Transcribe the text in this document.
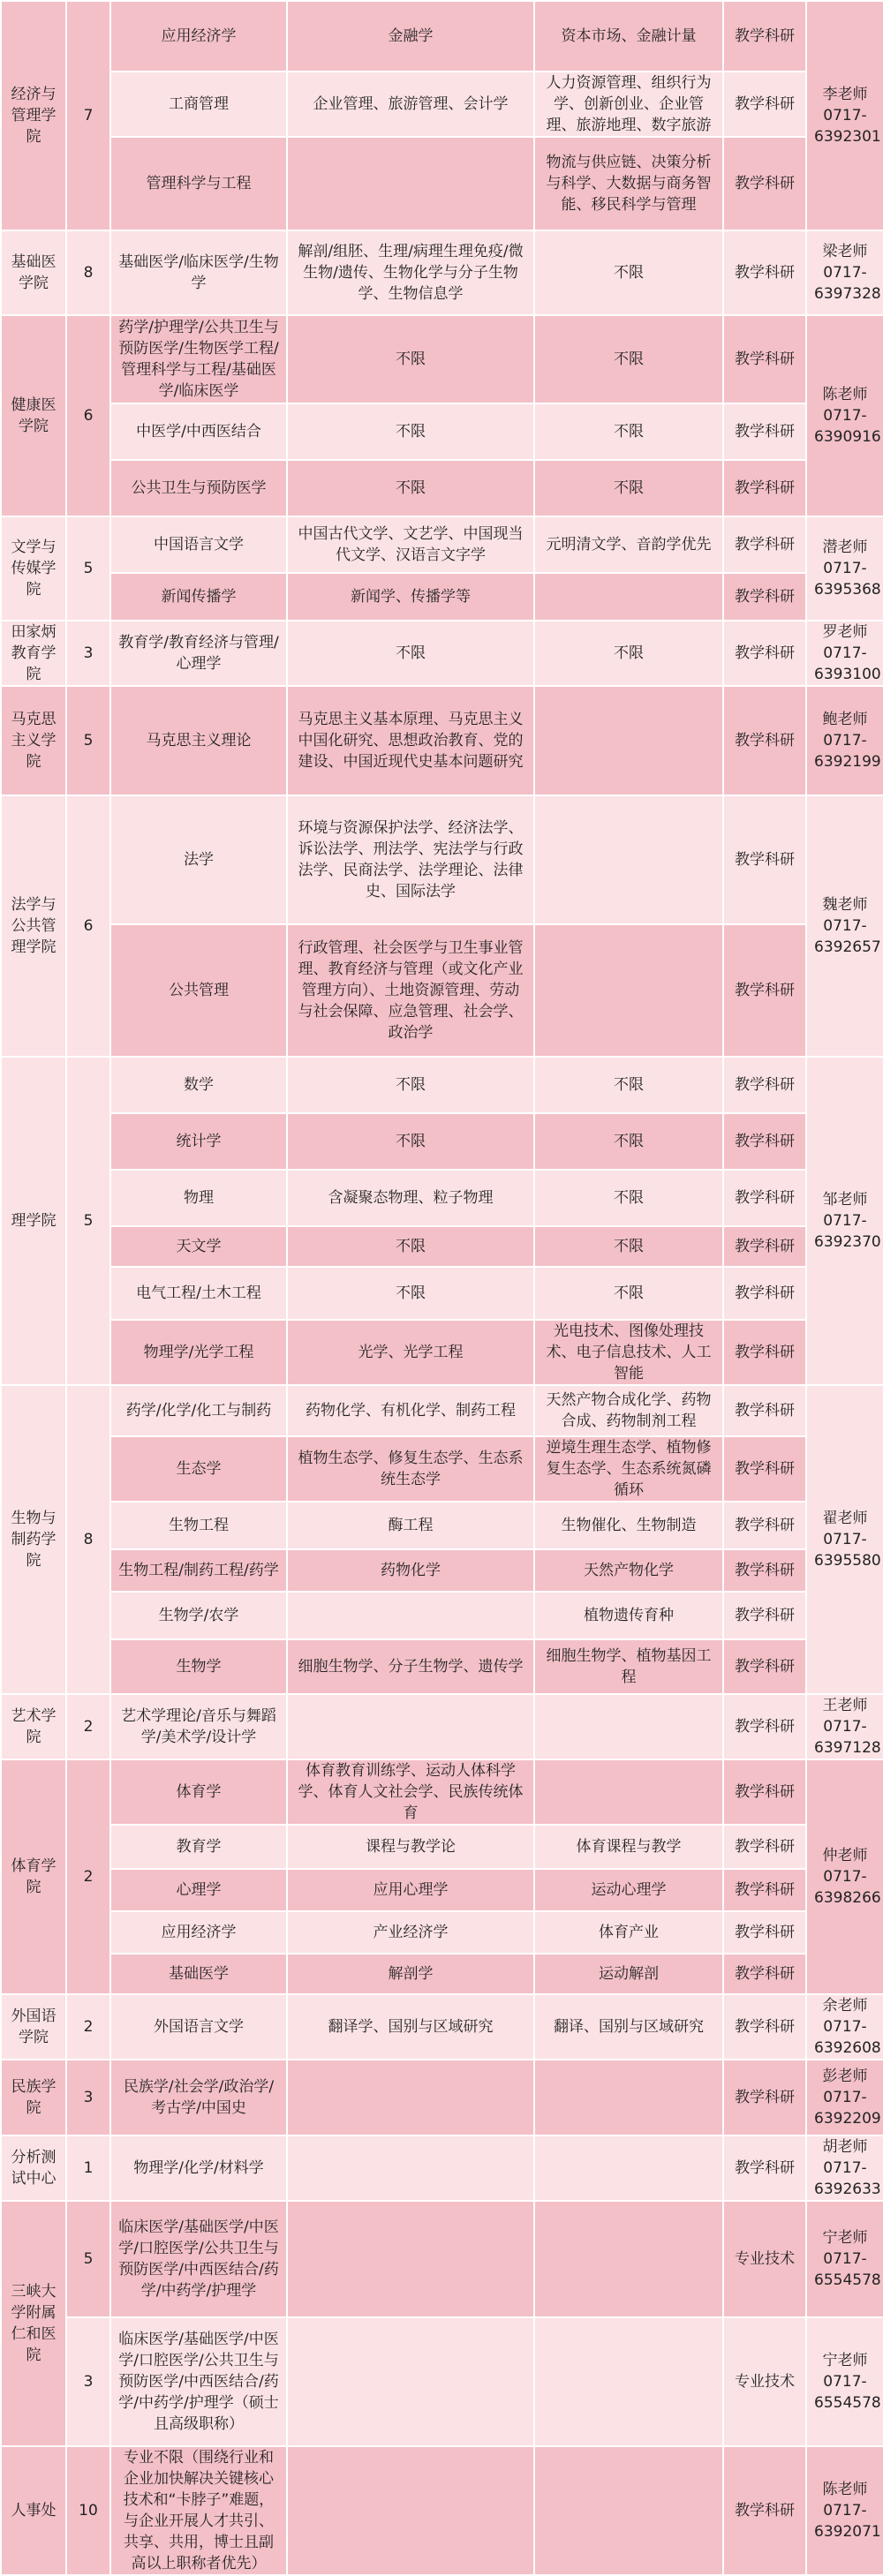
经济与管理学院	7	应用经济学	金融学	资本市场、金融计量	教学科研	李老师 0717-6392301
		工商管理	企业管理、旅游管理、会计学	人力资源管理、组织行为学、创新创业、企业管理、旅游地理、数字旅游	教学科研	
		管理科学与工程		物流与供应链、决策分析与科学、大数据与商务智能、移民科学与管理	教学科研	
基础医学院	8	基础医学/临床医学/生物学	解剖/组胚、生理/病理生理免疫/微生物/遗传、生物化学与分子生物学、生物信息学	不限	教学科研	梁老师 0717-6397328
健康医学院	6	药学/护理学/公共卫生与预防医学/生物医学工程/管理科学与工程/基础医学/临床医学	不限	不限	教学科研	陈老师 0717-6390916
		中医学/中西医结合	不限	不限	教学科研	
		公共卫生与预防医学	不限	不限	教学科研	
文学与传媒学院	5	中国语言文学	中国古代文学、文艺学、中国现当代文学、汉语言文字学	元明清文学、音韵学优先	教学科研	潜老师 0717-6395368
		新闻传播学	新闻学、传播学等		教学科研	
田家炳教育学院	3	教育学/教育经济与管理/心理学	不限	不限	教学科研	罗老师 0717-6393100
马克思主义学院	5	马克思主义理论	马克思主义基本原理、马克思主义中国化研究、思想政治教育、党的建设、中国近现代史基本问题研究		教学科研	鲍老师 0717-6392199
法学与公共管理学院	6	法学	环境与资源保护法学、经济法学、诉讼法学、刑法学、宪法学与行政法学、民商法学、法学理论、法律史、国际法学		教学科研	魏老师 0717-6392657
		公共管理	行政管理、社会医学与卫生事业管理、教育经济与管理（或文化产业管理方向）、土地资源管理、劳动与社会保障、应急管理、社会学、政治学		教学科研	
理学院	5	数学	不限	不限	教学科研	邹老师 0717-6392370
		统计学	不限	不限	教学科研	
		物理	含凝聚态物理、粒子物理	不限	教学科研	
		天文学	不限	不限	教学科研	
		电气工程/土木工程	不限	不限	教学科研	
		物理学/光学工程	光学、光学工程	光电技术、图像处理技术、电子信息技术、人工智能	教学科研	
生物与制药学院	8	药学/化学/化工与制药	药物化学、有机化学、制药工程	天然产物合成化学、药物合成、药物制剂工程	教学科研	翟老师 0717-6395580
		生态学	植物生态学、修复生态学、生态系统生态学	逆境生理生态学、植物修复生态学、生态系统氮磷循环	教学科研	
		生物工程	酶工程	生物催化、生物制造	教学科研	
		生物工程/制药工程/药学	药物化学	天然产物化学	教学科研	
		生物学/农学		植物遗传育种	教学科研	
		生物学	细胞生物学、分子生物学、遗传学	细胞生物学、植物基因工程	教学科研	
艺术学院	2	艺术学理论/音乐与舞蹈学/美术学/设计学			教学科研	王老师 0717-6397128
体育学院	2	体育学	体育教育训练学、运动人体科学学、体育人文社会学、民族传统体育		教学科研	仲老师 0717-6398266
		教育学	课程与教学论	体育课程与教学	教学科研	
		心理学	应用心理学	运动心理学	教学科研	
		应用经济学	产业经济学	体育产业	教学科研	
		基础医学	解剖学	运动解剖	教学科研	
外国语学院	2	外国语言文学	翻译学、国别与区域研究	翻译、国别与区域研究	教学科研	余老师 0717-6392608
民族学院	3	民族学/社会学/政治学/考古学/中国史			教学科研	彭老师 0717-6392209
分析测试中心	1	物理学/化学/材料学			教学科研	胡老师 0717-6392633
三峡大学附属仁和医院	5	临床医学/基础医学/中医学/口腔医学/公共卫生与预防医学/中西医结合/药学/中药学/护理学			专业技术	宁老师 0717-6554578
	3	临床医学/基础医学/中医学/口腔医学/公共卫生与预防医学/中西医结合/药学/中药学/护理学（硕士且高级职称）			专业技术	宁老师 0717-6554578
人事处	10	专业不限（围绕行业和企业加快解决关键核心技术和“卡脖子”难题，与企业开展人才共引、共享、共用，博士且副高以上职称者优先）			教学科研	陈老师 0717-6392071
